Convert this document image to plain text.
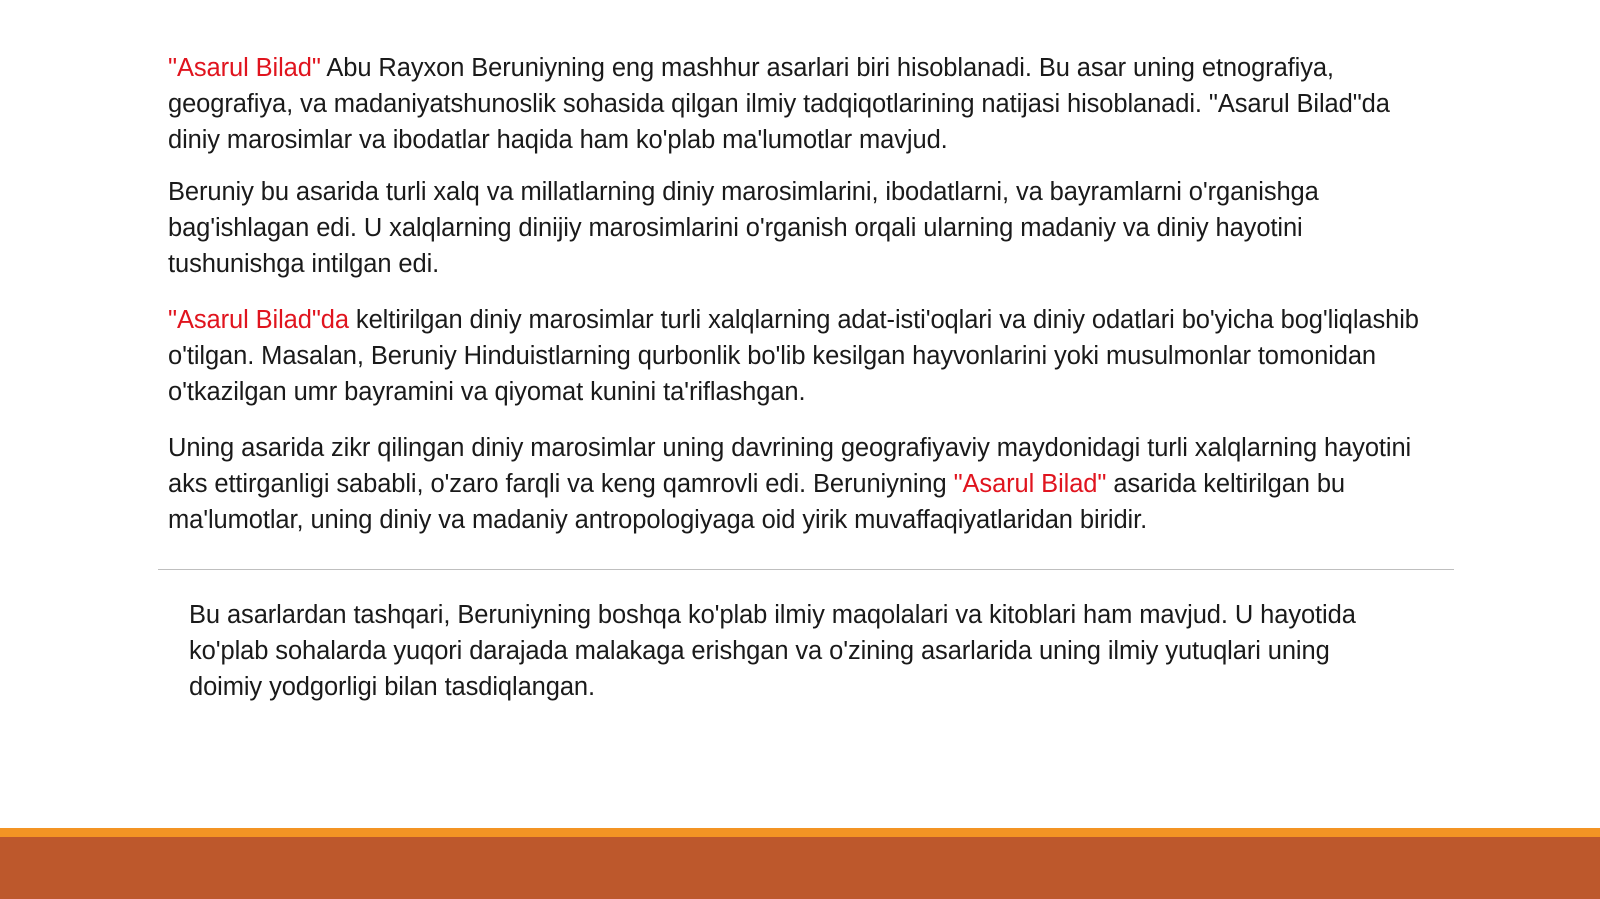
"Asarul Bilad" Abu Rayxon Beruniyning eng mashhur asarlari biri hisoblanadi. Bu asar uning etnografiya, geografiya, va madaniyatshunoslik sohasida qilgan ilmiy tadqiqotlarining natijasi hisoblanadi. "Asarul Bilad"da diniy marosimlar va ibodatlar haqida ham ko'plab ma'lumotlar mavjud.

Beruniy bu asarida turli xalq va millatlarning diniy marosimlarini, ibodatlarni, va bayramlarni o'rganishga bag'ishlagan edi. U xalqlarning dinijiy marosimlarini o'rganish orqali ularning madaniy va diniy hayotini tushunishga intilgan edi.

"Asarul Bilad"da keltirilgan diniy marosimlar turli xalqlarning adat-isti'oqlari va diniy odatlari bo'yicha bog'liqlashib o'tilgan. Masalan, Beruniy Hinduistlarning qurbonlik bo'lib kesilgan hayvonlarini yoki musulmonlar tomonidan o'tkazilgan umr bayramini va qiyomat kunini ta'riflashgan.

Uning asarida zikr qilingan diniy marosimlar uning davrining geografiyaviy maydonidagi turli xalqlarning hayotini aks ettirganligi sababli, o'zaro farqli va keng qamrovli edi. Beruniyning "Asarul Bilad" asarida keltirilgan bu ma'lumotlar, uning diniy va madaniy antropologiyaga oid yirik muvaffaqiyatlaridan biridir.

Bu asarlardan tashqari, Beruniyning boshqa ko'plab ilmiy maqolalari va kitoblari ham mavjud. U hayotida ko'plab sohalarda yuqori darajada malakaga erishgan va o'zining asarlarida uning ilmiy yutuqlari uning doimiy yodgorligi bilan tasdiqlangan.
